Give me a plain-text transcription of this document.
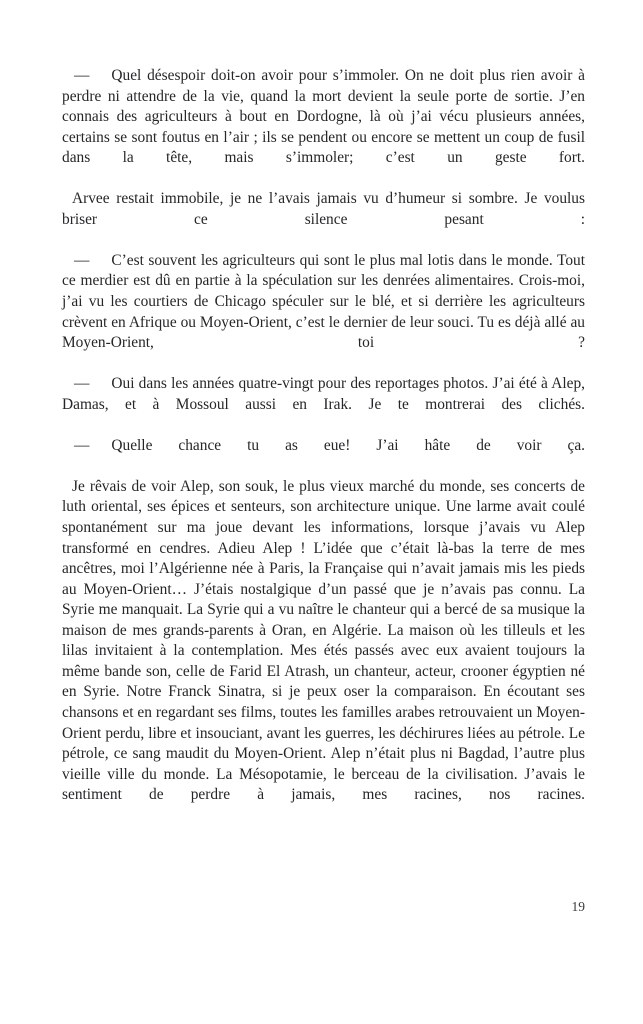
— Quel désespoir doit-on avoir pour s’immoler. On ne doit plus rien avoir à perdre ni attendre de la vie, quand la mort devient la seule porte de sortie. J’en connais des agriculteurs à bout en Dordogne, là où j’ai vécu plusieurs années, certains se sont foutus en l’air ; ils se pendent ou encore se mettent un coup de fusil dans la tête, mais s’immoler; c’est un geste fort.

Arvee restait immobile, je ne l’avais jamais vu d’humeur si sombre. Je voulus briser ce silence pesant :

— C’est souvent les agriculteurs qui sont le plus mal lotis dans le monde. Tout ce merdier est dû en partie à la spéculation sur les denrées alimentaires. Crois-moi, j’ai vu les courtiers de Chicago spéculer sur le blé, et si derrière les agriculteurs crèvent en Afrique ou Moyen-Orient, c’est le dernier de leur souci. Tu es déjà allé au Moyen-Orient, toi ?

— Oui dans les années quatre-vingt pour des reportages photos. J’ai été à Alep, Damas, et à Mossoul aussi en Irak. Je te montrerai des clichés.

— Quelle chance tu as eue! J’ai hâte de voir ça.

Je rêvais de voir Alep, son souk, le plus vieux marché du monde, ses concerts de luth oriental, ses épices et senteurs, son architecture unique. Une larme avait coulé spontanément sur ma joue devant les informations, lorsque j’avais vu Alep transformé en cendres. Adieu Alep ! L’idée que c’était là-bas la terre de mes ancêtres, moi l’Algérienne née à Paris, la Française qui n’avait jamais mis les pieds au Moyen-Orient… J’étais nostalgique d’un passé que je n’avais pas connu. La Syrie me manquait. La Syrie qui a vu naître le chanteur qui a bercé de sa musique la maison de mes grands-parents à Oran, en Algérie. La maison où les tilleuls et les lilas invitaient à la contemplation. Mes étés passés avec eux avaient toujours la même bande son, celle de Farid El Atrash, un chanteur, acteur, crooner égyptien né en Syrie. Notre Franck Sinatra, si je peux oser la comparaison. En écoutant ses chansons et en regardant ses films, toutes les familles arabes retrouvaient un Moyen-Orient perdu, libre et insouciant, avant les guerres, les déchirures liées au pétrole. Le pétrole, ce sang maudit du Moyen-Orient. Alep n’était plus ni Bagdad, l’autre plus vieille ville du monde. La Mésopotamie, le berceau de la civilisation. J’avais le sentiment de perdre à jamais, mes racines, nos racines.

19
